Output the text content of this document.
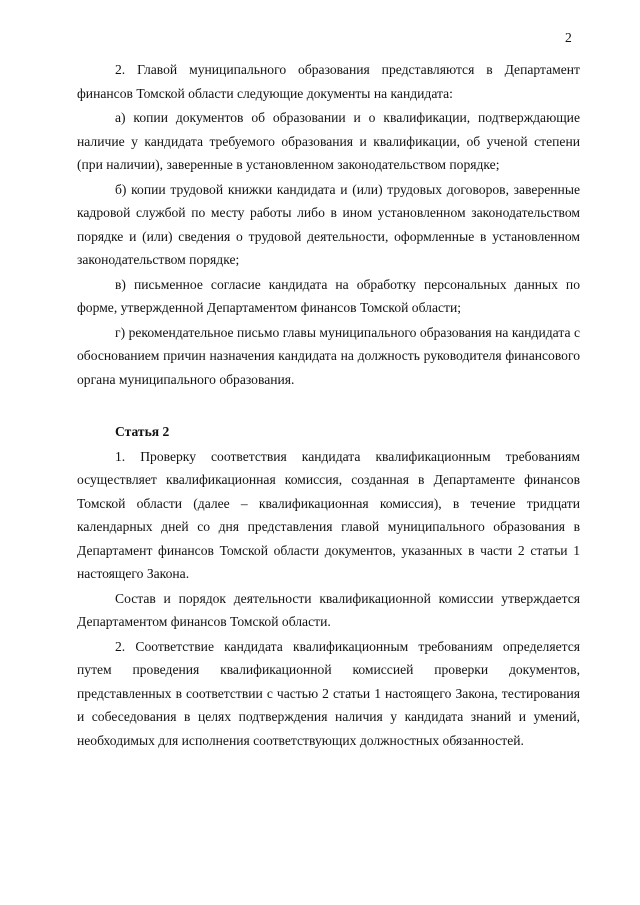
2

2. Главой муниципального образования представляются в Департамент финансов Томской области следующие документы на кандидата:

а) копии документов об образовании и о квалификации, подтверждающие наличие у кандидата требуемого образования и квалификации, об ученой степени (при наличии), заверенные в установленном законодательством порядке;

б) копии трудовой книжки кандидата и (или) трудовых договоров, заверенные кадровой службой по месту работы либо в ином установленном законодательством порядке и (или) сведения о трудовой деятельности, оформленные в установленном законодательством порядке;

в) письменное согласие кандидата на обработку персональных данных по форме, утвержденной Департаментом финансов Томской области;

г) рекомендательное письмо главы муниципального образования на кандидата с обоснованием причин назначения кандидата на должность руководителя финансового органа муниципального образования.

Статья 2

1. Проверку соответствия кандидата квалификационным требованиям осуществляет квалификационная комиссия, созданная в Департаменте финансов Томской области (далее – квалификационная комиссия), в течение тридцати календарных дней со дня представления главой муниципального образования в Департамент финансов Томской области документов, указанных в части 2 статьи 1 настоящего Закона.

Состав и порядок деятельности квалификационной комиссии утверждается Департаментом финансов Томской области.

2. Соответствие кандидата квалификационным требованиям определяется путем проведения квалификационной комиссией проверки документов, представленных в соответствии с частью 2 статьи 1 настоящего Закона, тестирования и собеседования в целях подтверждения наличия у кандидата знаний и умений, необходимых для исполнения соответствующих должностных обязанностей.
